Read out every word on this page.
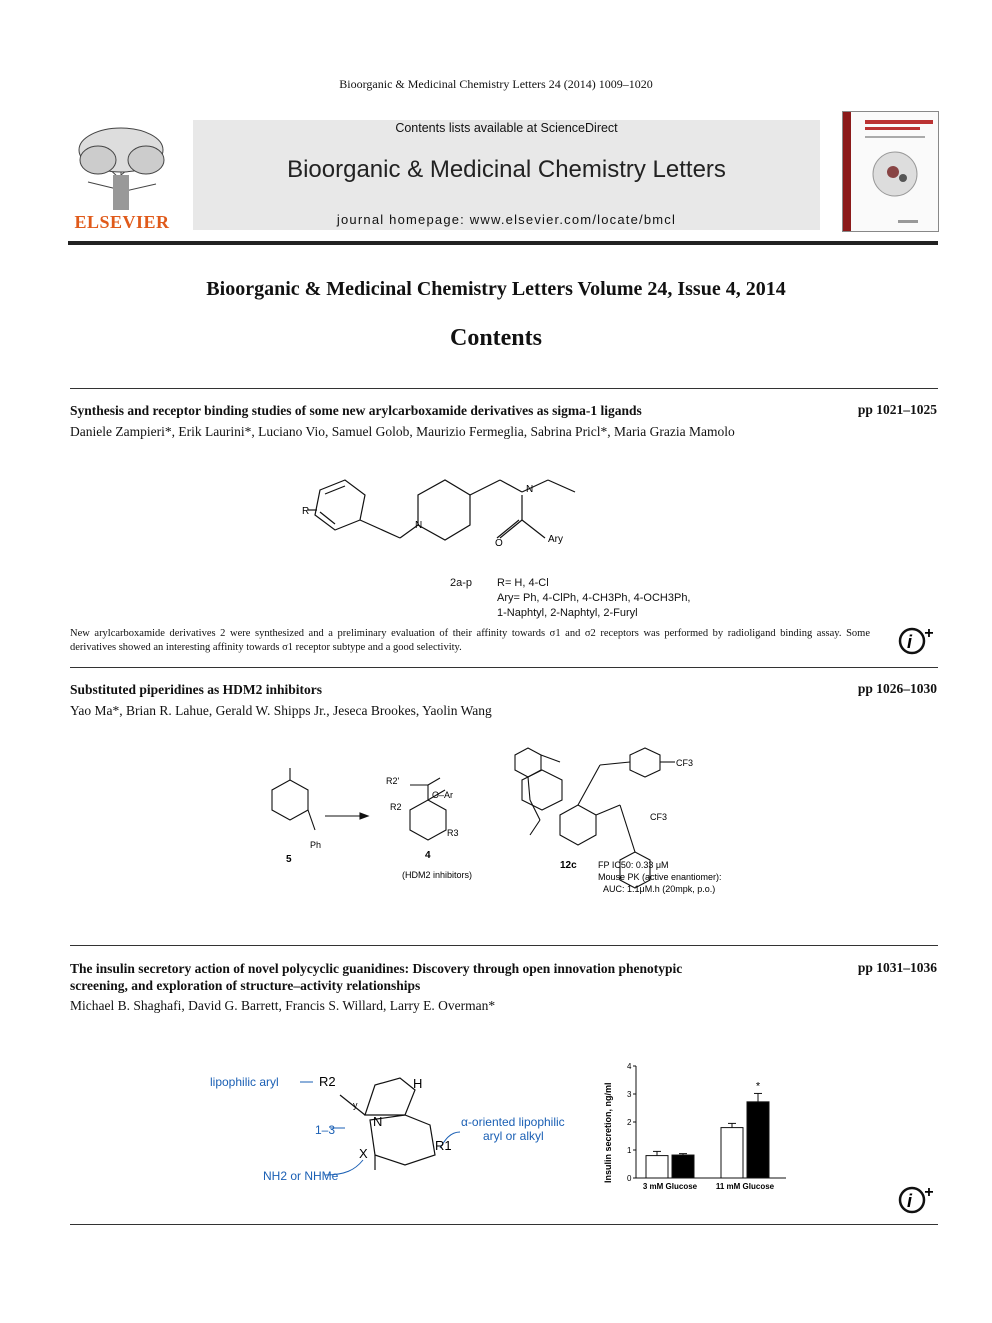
Bioorganic & Medicinal Chemistry Letters 24 (2014) 1009–1020
ELSEVIER
Contents lists available at ScienceDirect
Bioorganic & Medicinal Chemistry Letters
journal homepage: www.elsevier.com/locate/bmcl
Bioorganic & Medicinal Chemistry Letters Volume 24, Issue 4, 2014
Contents
Synthesis and receptor binding studies of some new arylcarboxamide derivatives as sigma-1 ligands	pp 1021–1025
Daniele Zampieri*, Erik Laurini*, Luciano Vio, Samuel Golob, Maurizio Fermeglia, Sabrina Pricl*, Maria Grazia Mamolo
R
N
N
O	Ary
2a-p R= H, 4-Cl
Ary= Ph, 4-ClPh, 4-CH3Ph, 4-OCH3Ph,
1-Naphtyl, 2-Naphtyl, 2-Furyl
New arylcarboxamide derivatives 2 were synthesized and a preliminary evaluation of their affinity towards σ1 and σ2 receptors was performed by radioligand binding assay. Some derivatives showed an interesting affinity towards σ1 receptor subtype and a good selectivity.	i +
Substituted piperidines as HDM2 inhibitors	pp 1026–1030
Yao Ma*, Brian R. Lahue, Gerald W. Shipps Jr., Jeseca Brookes, Yaolin Wang
5
Ph
4
(HDM2 inhibitors)
O–Ar
R2'
R2
R3
CF3
CF3
12c FP IC50: 0.33 μM
Mouse PK (active enantiomer):
AUC: 1.1μM.h (20mpk, p.o.)
The insulin secretory action of novel polycyclic guanidines: Discovery through open innovation phenotypic screening, and exploration of structure–activity relationships
pp 1031–1036
Michael B. Shaghafi, David G. Barrett, Francis S. Willard, Larry E. Overman*
lipophilic aryl	R2
y
1–3
X
N
H
R1
α-oriented lipophilic
aryl or alkyl
NH2 or NHMe	Insulin secretion, ng/ml 0
1
2
3
4
3 mM Glucose 11 mM Glucose
*
i +
